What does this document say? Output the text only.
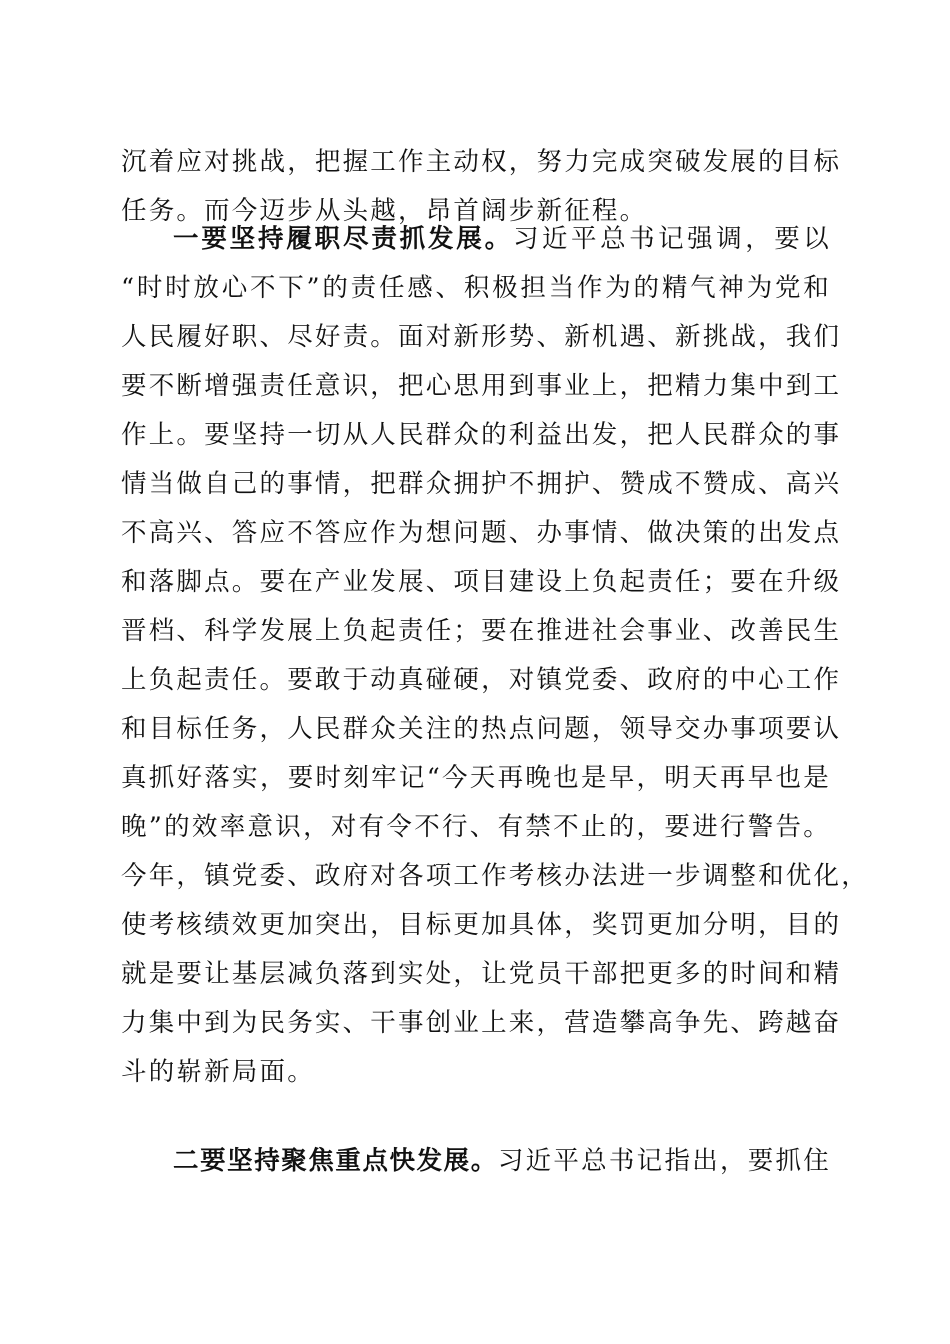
沉着应对挑战，把握工作主动权，努力完成突破发展的目标
任务。而今迈步从头越，昂首阔步新征程。
一要坚持履职尽责抓发展。习近平总书记强调，要以
“时时放心不下”的责任感、积极担当作为的精气神为党和
人民履好职、尽好责。面对新形势、新机遇、新挑战，我们
要不断增强责任意识，把心思用到事业上，把精力集中到工
作上。要坚持一切从人民群众的利益出发，把人民群众的事
情当做自己的事情，把群众拥护不拥护、赞成不赞成、高兴
不高兴、答应不答应作为想问题、办事情、做决策的出发点
和落脚点。要在产业发展、项目建设上负起责任；要在升级
晋档、科学发展上负起责任；要在推进社会事业、改善民生
上负起责任。要敢于动真碰硬，对镇党委、政府的中心工作
和目标任务，人民群众关注的热点问题，领导交办事项要认
真抓好落实，要时刻牢记“今天再晚也是早，明天再早也是
晚”的效率意识，对有令不行、有禁不止的，要进行警告。
今年，镇党委、政府对各项工作考核办法进一步调整和优化，
使考核绩效更加突出，目标更加具体，奖罚更加分明，目的
就是要让基层减负落到实处，让党员干部把更多的时间和精
力集中到为民务实、干事创业上来，营造攀高争先、跨越奋
斗的崭新局面。
二要坚持聚焦重点快发展。习近平总书记指出，要抓住
